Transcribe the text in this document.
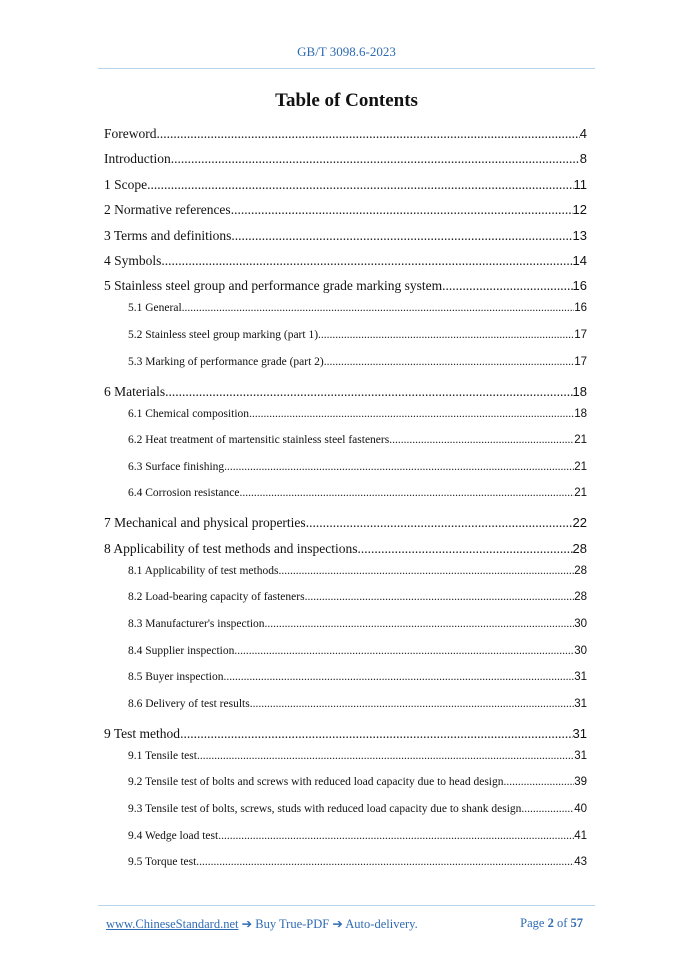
GB/T 3098.6-2023
Table of Contents
Foreword .....	4
Introduction .....	8
1 Scope .....	11
2 Normative references .....	12
3 Terms and definitions .....	13
4 Symbols .....	14
5 Stainless steel group and performance grade marking system .....	16
5.1 General .....	16
5.2 Stainless steel group marking (part 1) .....	17
5.3 Marking of performance grade (part 2) .....	17
6 Materials .....	18
6.1 Chemical composition .....	18
6.2 Heat treatment of martensitic stainless steel fasteners .....	21
6.3 Surface finishing .....	21
6.4 Corrosion resistance .....	21
7 Mechanical and physical properties .....	22
8 Applicability of test methods and inspections .....	28
8.1 Applicability of test methods .....	28
8.2 Load-bearing capacity of fasteners .....	28
8.3 Manufacturer's inspection .....	30
8.4 Supplier inspection .....	30
8.5 Buyer inspection .....	31
8.6 Delivery of test results .....	31
9 Test method .....	31
9.1 Tensile test .....	31
9.2 Tensile test of bolts and screws with reduced load capacity due to head design .....	39
9.3 Tensile test of bolts, screws, studs with reduced load capacity due to shank design .....	40
9.4 Wedge load test .....	41
9.5 Torque test .....	43
www.ChineseStandard.net ➔ Buy True-PDF ➔ Auto-delivery.	Page 2 of 57
